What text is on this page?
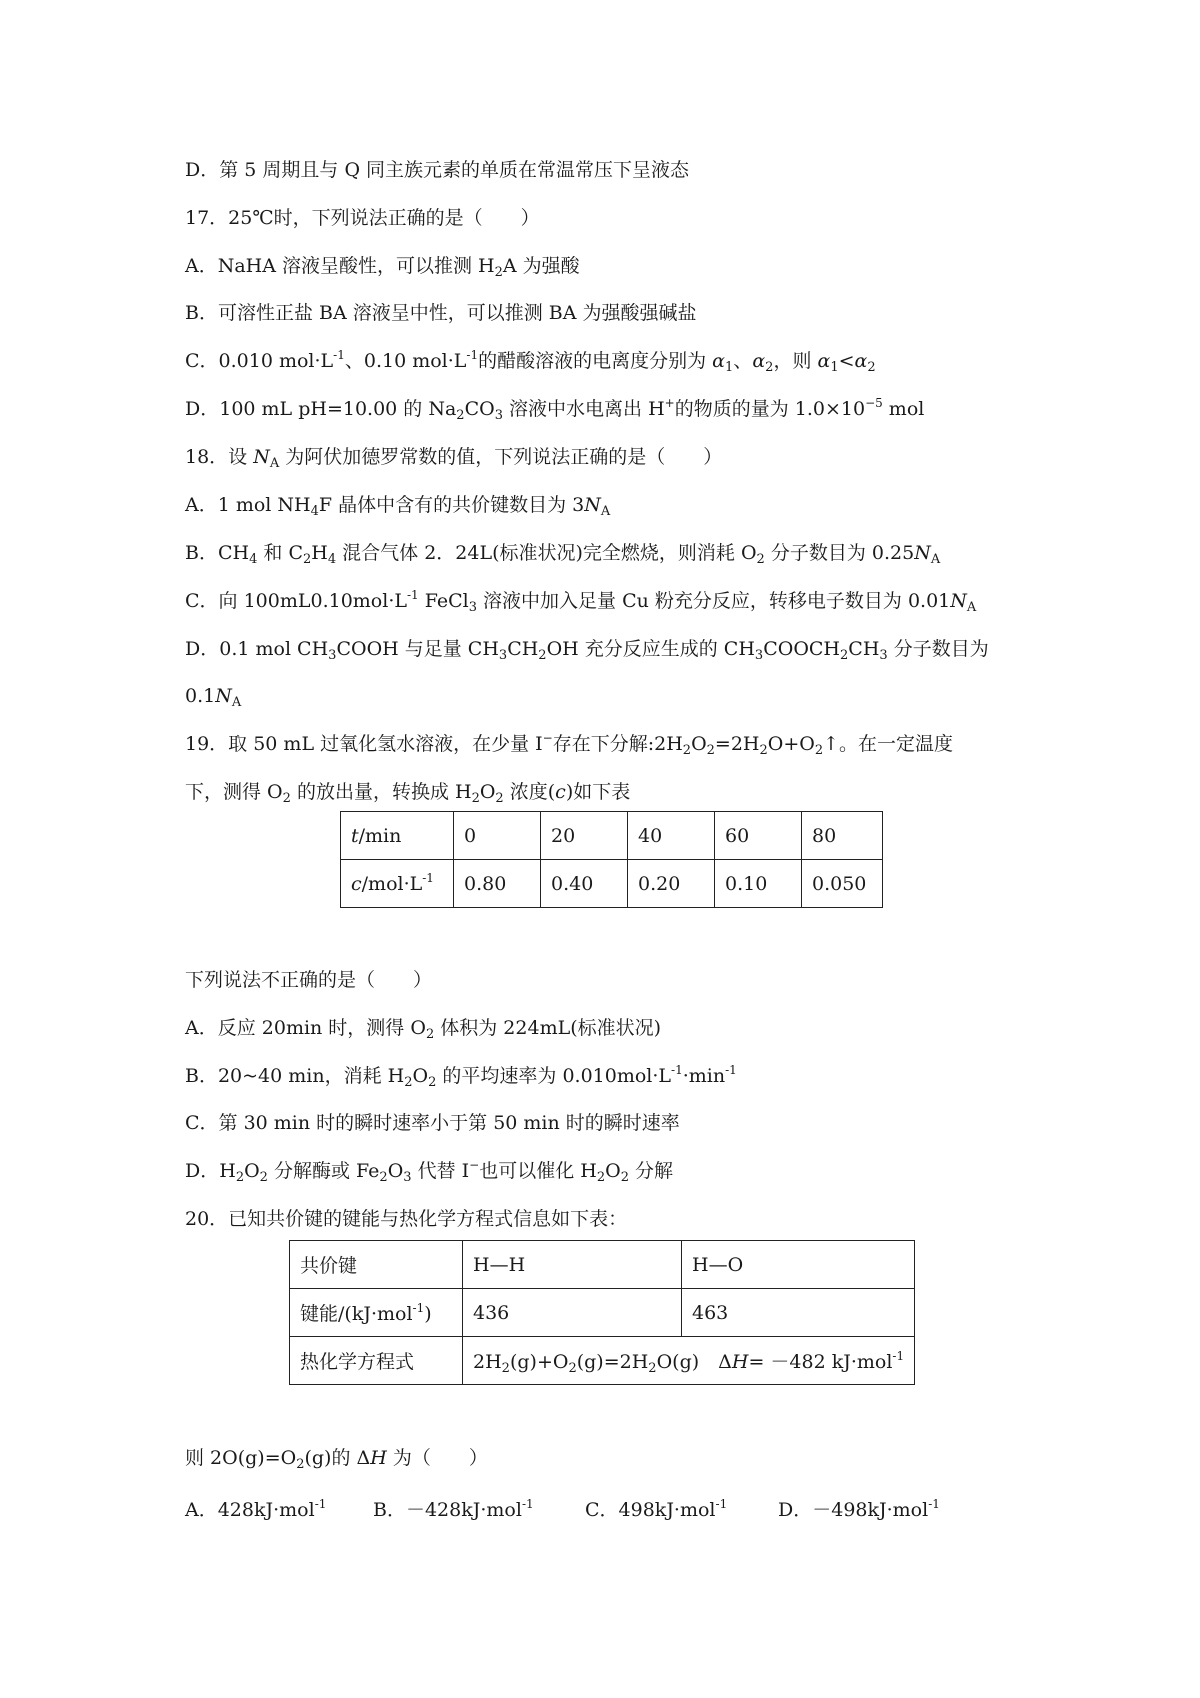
D．第 5 周期且与 Q 同主族元素的单质在常温常压下呈液态
17．25℃时，下列说法正确的是（　　）
A．NaHA 溶液呈酸性，可以推测 $H_2A$ 为强酸
B．可溶性正盐 BA 溶液呈中性，可以推测 BA 为强酸强碱盐
C．0.010 $mol\cdot L^{-1}$、0.10 $mol\cdot L^{-1}$的醋酸溶液的电离度分别为 $\alpha_1$、$\alpha_2$，则 $\alpha_1<\alpha_2$
D．100 mL pH=10.00 的 $Na_2CO_3$ 溶液中水电离出 H+的物质的量为 $1.0\times 10^{-5}$ mol
18．设 $N_A$ 为阿伏加德罗常数的值，下列说法正确的是（　　）
A．1 mol $NH_4F$ 晶体中含有的共价键数目为 $3N_A$
B．$CH_4$ 和 $C_2H_4$ 混合气体 2．24L(标准状况)完全燃烧，则消耗 $O_2$ 分子数目为 $0.25N_A$
C．向 $100mL0.10mol\cdot L^{-1}$ FeCl$_3$ 溶液中加入足量 Cu 粉充分反应，转移电子数目为 $0.01N_A$
D．0.1 mol $CH_3COOH$ 与足量 $CH_3CH_2OH$ 充分反应生成的 $CH_3COOCH_2CH_3$ 分子数目为
$0.1N_A$
19．取 50 mL 过氧化氢水溶液，在少量 I−存在下分解$:2H_2O_2=2H_2O+O_2↑$。在一定温度
下，测得 $O_2$ 的放出量，转换成 $H_2O_2$ 浓度(c)如下表
t/min	0	20	40	60	80
$c/mol\cdot L^{-1}$	0.80	0.40	0.20	0.10	0.050
下列说法不正确的是（　　）
A．反应 20min 时，测得 $O_2$ 体积为 224mL(标准状况)
B．20~40 min，消耗 $H_2O_2$ 的平均速率为 $0.010mol\cdot L^{-1}\cdot\min^{-1}$
C．第 30 min 时的瞬时速率小于第 50 min 时的瞬时速率
D．$H_2O_2$ 分解酶或 $Fe_2O_3$ 代替 I−也可以催化 $H_2O_2$ 分解
20．已知共价键的键能与热化学方程式信息如下表：
共价键	H—H	H—O
键能/(kJ·mol$^{-1}$)	436	463
热化学方程式	$2H_2(g)+O_2(g)=2H_2O(g)$　ΔH= －482 kJ·mol$^{-1}$
则 $2O(g)=O_2(g)$的 ΔH 为（　　）
A．428kJ·mol$^{-1}$ B．－428kJ·mol$^{-1}$	C．498kJ·mol$^{-1}$	D．－498kJ·mol$^{-1}$
